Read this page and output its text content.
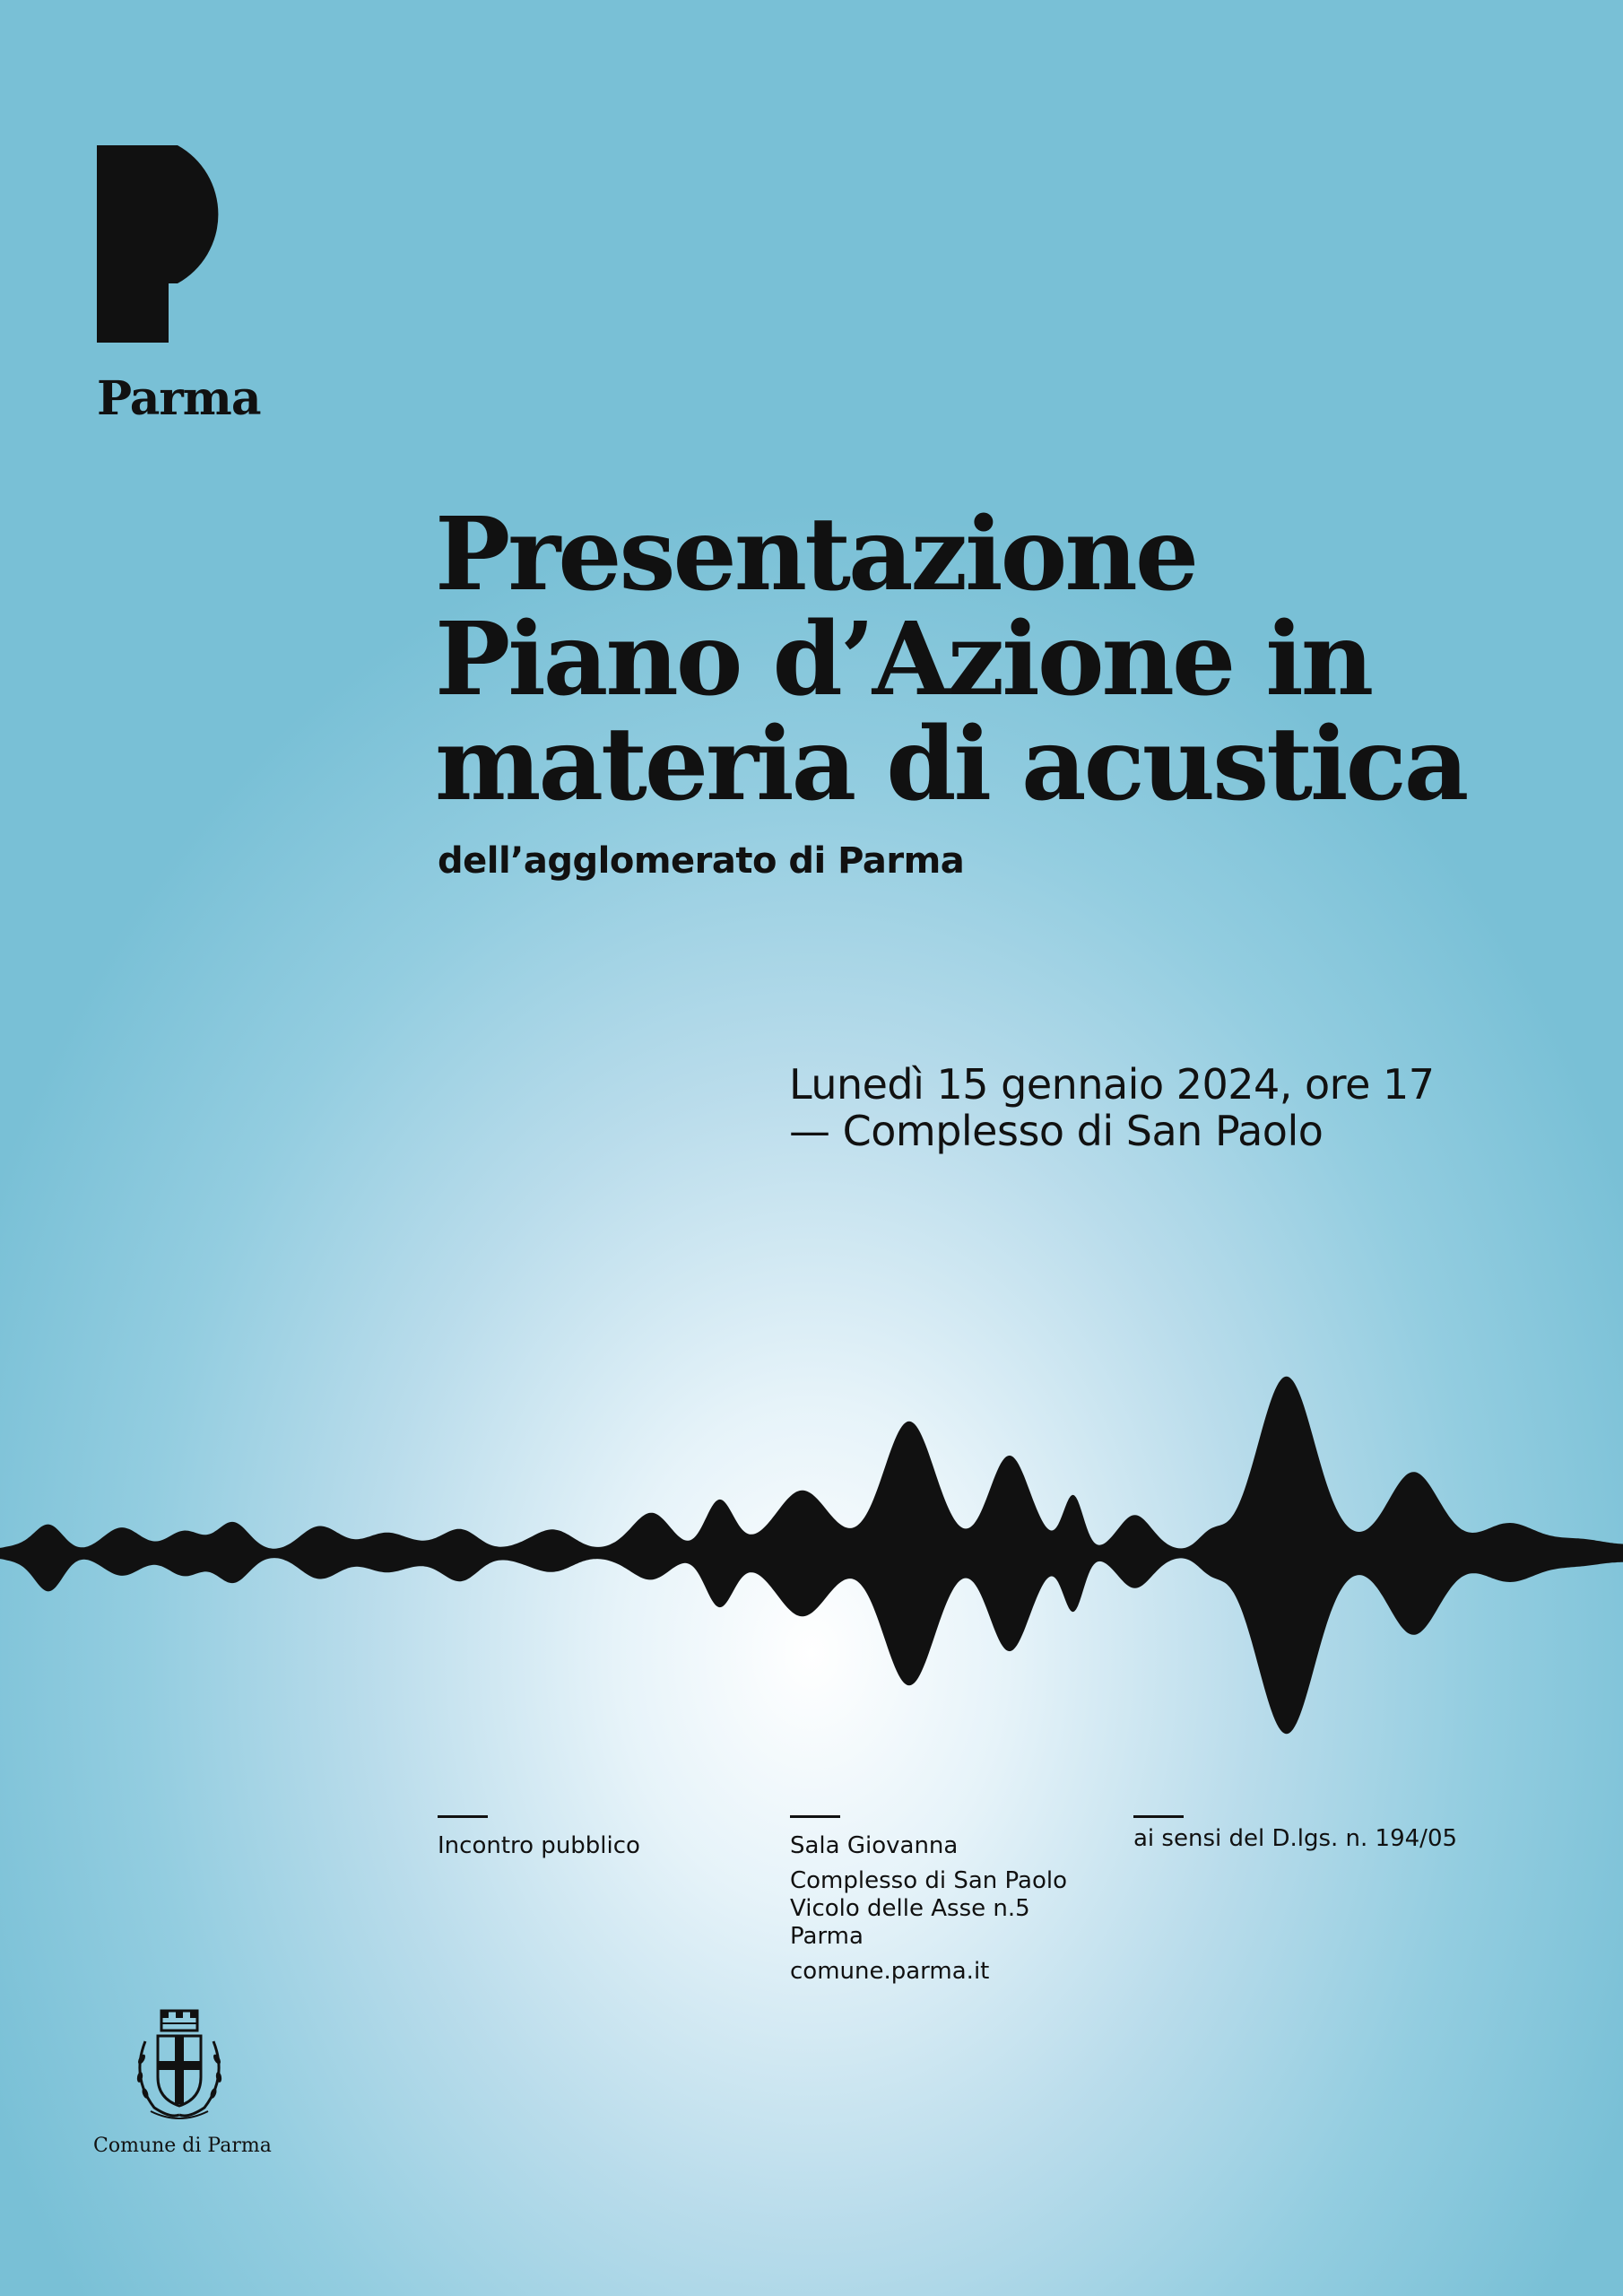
Parma
Presentazione
Piano d’Azione in
materia di acustica

dell’agglomerato di Parma

Lunedì 15 gennaio 2024, ore 17
— Complesso di San Paolo
Incontro pubblico	Sala Giovanna
Complesso di San Paolo
Vicolo delle Asse n.5
Parma
comune.parma.it
ai sensi del D.lgs. n. 194/05
Comune di Parma
